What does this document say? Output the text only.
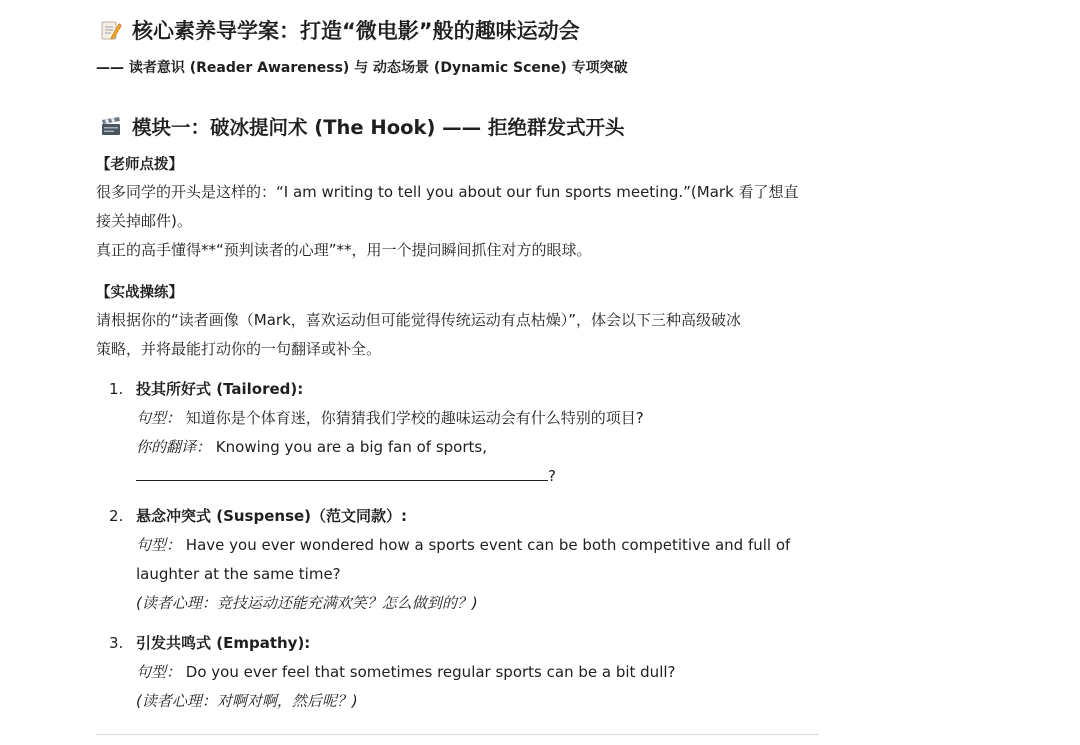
核心素养导学案：打造“微电影”般的趣味运动会
—— 读者意识 (Reader Awareness) 与 动态场景 (Dynamic Scene) 专项突破
模块一：破冰提问术 (The Hook) —— 拒绝群发式开头
【老师点拨】
很多同学的开头是这样的：“I am writing to tell you about our fun sports meeting.”(Mark 看了想直
接关掉邮件)。
真正的高手懂得**“预判读者的心理”**，用一个提问瞬间抓住对方的眼球。
【实战操练】
请根据你的“读者画像（Mark，喜欢运动但可能觉得传统运动有点枯燥）”，体会以下三种高级破冰
策略，并将最能打动你的一句翻译或补全。
1. 投其所好式 (Tailored):
句型： 知道你是个体育迷，你猜猜我们学校的趣味运动会有什么特别的项目?
你的翻译： Knowing you are a big fan of sports,
?
2. 悬念冲突式 (Suspense)（范文同款）:
句型： Have you ever wondered how a sports event can be both competitive and full of
laughter at the same time?
(读者心理：竞技运动还能充满欢笑？怎么做到的？)
3. 引发共鸣式 (Empathy):
句型： Do you ever feel that sometimes regular sports can be a bit dull?
(读者心理：对啊对啊，然后呢？)
